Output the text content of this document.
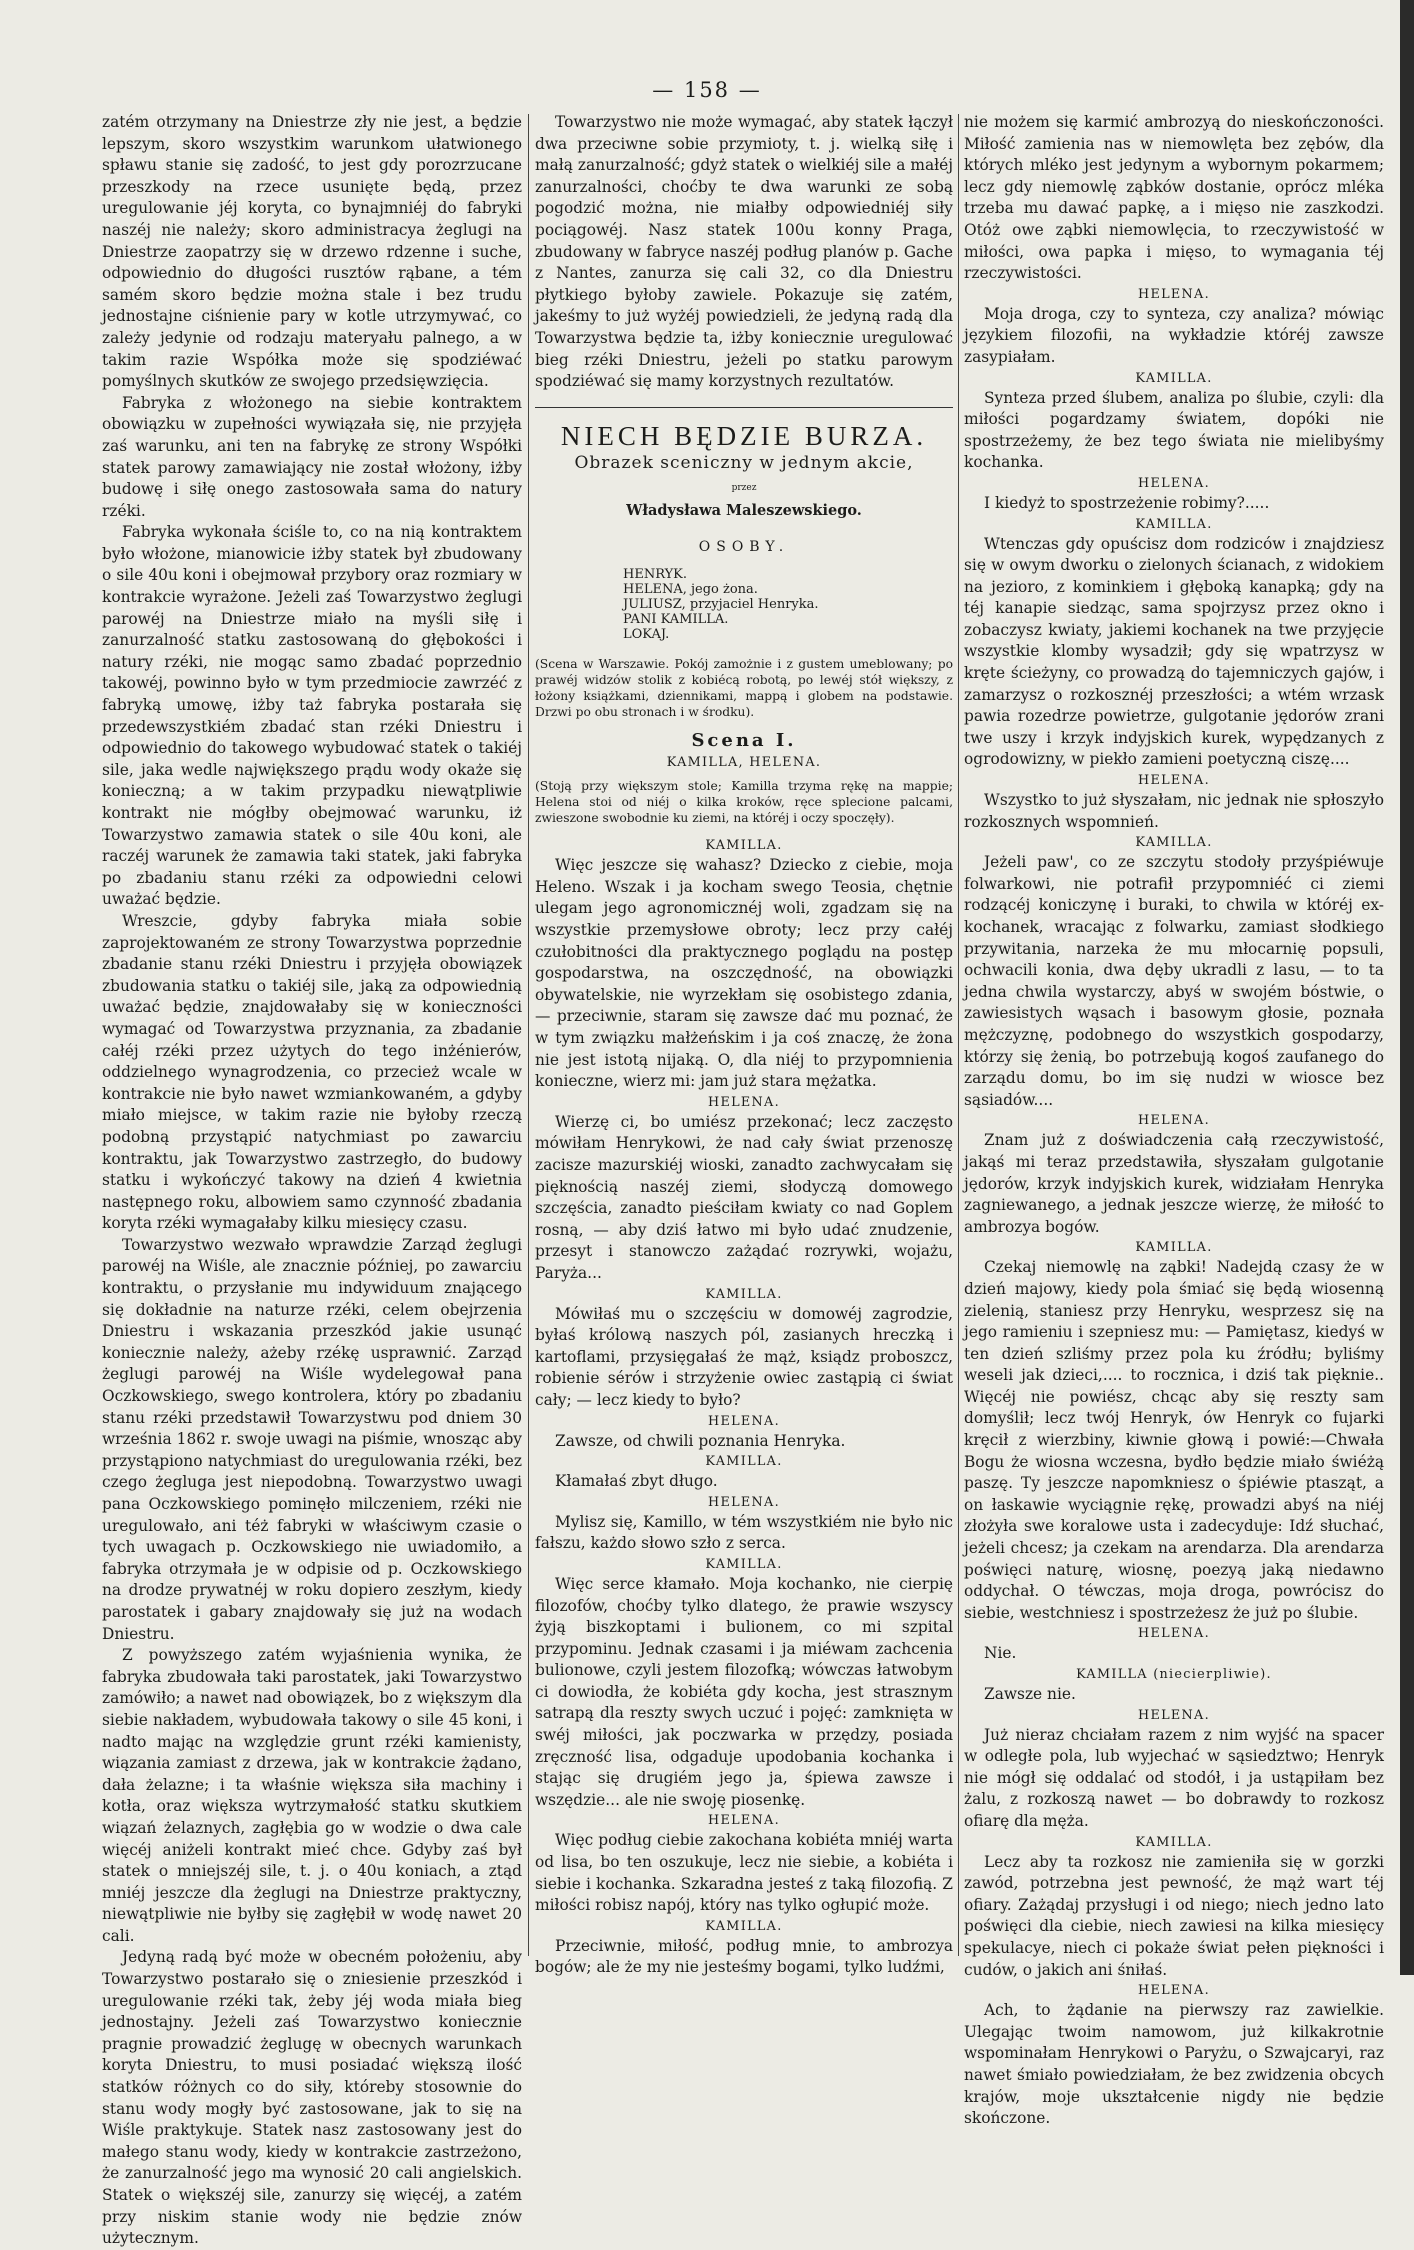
— 158 —

zatém otrzymany na Dniestrze zły nie jest, a będzie lepszym, skoro wszystkim warunkom ułatwionego spławu stanie się zadość, to jest gdy porozrzucane przeszkody na rzece usunięte będą, przez uregulowanie jéj koryta, co bynajmniéj do fabryki naszéj nie należy; skoro administracya żeglugi na Dniestrze zaopatrzy się w drzewo rdzenne i suche, odpowiednio do długości rusztów rąbane, a tém samém skoro będzie można stale i bez trudu jednostajne ciśnienie pary w kotle utrzymywać, co zależy jedynie od rodzaju materyału palnego, a w takim razie Współka może się spodziéwać pomyślnych skutków ze swojego przedsięwzięcia.

Fabryka z włożonego na siebie kontraktem obowiązku w zupełności wywiązała się, nie przyjęła zaś warunku, ani ten na fabrykę ze strony Współki statek parowy zamawiający nie został włożony, iżby budowę i siłę onego zastosowała sama do natury rzéki.

Fabryka wykonała ściśle to, co na nią kontraktem było włożone, mianowicie iżby statek był zbudowany o sile 40u koni i obejmował przybory oraz rozmiary w kontrakcie wyrażone. Jeżeli zaś Towarzystwo żeglugi parowéj na Dniestrze miało na myśli siłę i zanurzalność statku zastosowaną do głębokości i natury rzéki, nie mogąc samo zbadać poprzednio takowéj, powinno było w tym przedmiocie zawrzéć z fabryką umowę, iżby taż fabryka postarała się przedewszystkiém zbadać stan rzéki Dniestru i odpowiednio do takowego wybudować statek o takiéj sile, jaka wedle największego prądu wody okaże się konieczną; a w takim przypadku niewątpliwie kontrakt nie mógłby obejmować warunku, iż Towarzystwo zamawia statek o sile 40u koni, ale raczéj warunek że zamawia taki statek, jaki fabryka po zbadaniu stanu rzéki za odpowiedni celowi uważać będzie.

Wreszcie, gdyby fabryka miała sobie zaprojektowaném ze strony Towarzystwa poprzednie zbadanie stanu rzéki Dniestru i przyjęła obowiązek zbudowania statku o takiéj sile, jaką za odpowiednią uważać będzie, znajdowałaby się w konieczności wymagać od Towarzystwa przyznania, za zbadanie całéj rzéki przez użytych do tego inżénierów, oddzielnego wynagrodzenia, co przecież wcale w kontrakcie nie było nawet wzmiankowaném, a gdyby miało miejsce, w takim razie nie byłoby rzeczą podobną przystąpić natychmiast po zawarciu kontraktu, jak Towarzystwo zastrzegło, do budowy statku i wykończyć takowy na dzień 4 kwietnia następnego roku, albowiem samo czynność zbadania koryta rzéki wymagałaby kilku miesięcy czasu.

Towarzystwo wezwało wprawdzie Zarząd żeglugi parowéj na Wiśle, ale znacznie później, po zawarciu kontraktu, o przysłanie mu indywiduum znającego się dokładnie na naturze rzéki, celem obejrzenia Dniestru i wskazania przeszkód jakie usunąć koniecznie należy, ażeby rzékę usprawnić. Zarząd żeglugi parowéj na Wiśle wydelegował pana Oczkowskiego, swego kontrolera, który po zbadaniu stanu rzéki przedstawił Towarzystwu pod dniem 30 września 1862 r. swoje uwagi na piśmie, wnosząc aby przystąpiono natychmiast do uregulowania rzéki, bez czego żegluga jest niepodobną. Towarzystwo uwagi pana Oczkowskiego pominęło milczeniem, rzéki nie uregulowało, ani téż fabryki w właściwym czasie o tych uwagach p. Oczkowskiego nie uwiadomiło, a fabryka otrzymała je w odpisie od p. Oczkowskiego na drodze prywatnéj w roku dopiero zeszłym, kiedy parostatek i gabary znajdowały się już na wodach Dniestru.

Z powyższego zatém wyjaśnienia wynika, że fabryka zbudowała taki parostatek, jaki Towarzystwo zamówiło; a nawet nad obowiązek, bo z większym dla siebie nakładem, wybudowała takowy o sile 45 koni, i nadto mając na względzie grunt rzéki kamienisty, wiązania zamiast z drzewa, jak w kontrakcie żądano, dała żelazne; i ta właśnie większa siła machiny i kotła, oraz większa wytrzymałość statku skutkiem wiązań żelaznych, zagłębia go w wodzie o dwa cale więcéj aniżeli kontrakt mieć chce. Gdyby zaś był statek o mniejszéj sile, t. j. o 40u koniach, a ztąd mniéj jeszcze dla żeglugi na Dniestrze praktyczny, niewątpliwie nie byłby się zagłębił w wodę nawet 20 cali.

Jedyną radą być może w obecném położeniu, aby Towarzystwo postarało się o zniesienie przeszkód i uregulowanie rzéki tak, żeby jéj woda miała bieg jednostajny. Jeżeli zaś Towarzystwo koniecznie pragnie prowadzić żeglugę w obecnych warunkach koryta Dniestru, to musi posiadać większą ilość statków różnych co do siły, któreby stosownie do stanu wody mogły być zastosowane, jak to się na Wiśle praktykuje. Statek nasz zastosowany jest do małego stanu wody, kiedy w kontrakcie zastrzeżono, że zanurzalność jego ma wynosić 20 cali angielskich. Statek o większéj sile, zanurzy się więcéj, a zatém przy niskim stanie wody nie będzie znów użytecznym.

Towarzystwo nie może wymagać, aby statek łączył dwa przeciwne sobie przymioty, t. j. wielką siłę i małą zanurzalność; gdyż statek o wielkiéj sile a małéj zanurzalności, choćby te dwa warunki ze sobą pogodzić można, nie miałby odpowiedniéj siły pociągowéj. Nasz statek 100u konny Praga, zbudowany w fabryce naszéj podług planów p. Gache z Nantes, zanurza się cali 32, co dla Dniestru płytkiego byłoby zawiele. Pokazuje się zatém, jakeśmy to już wyżéj powiedzieli, że jedyną radą dla Towarzystwa będzie ta, iżby koniecznie uregulować bieg rzéki Dniestru, jeżeli po statku parowym spodziéwać się mamy korzystnych rezultatów.

NIECH BĘDZIE BURZA.
Obrazek sceniczny w jednym akcie,
przez
Władysława Maleszewskiego.
OSOBY.
HENRYK.
HELENA, jego żona.
JULIUSZ, przyjaciel Henryka.
PANI KAMILLA.
LOKAJ.
(Scena w Warszawie. Pokój zamożnie i z gustem umeblowany; po prawéj widzów stolik z kobiécą robotą, po lewéj stół większy, z łożony książkami, dziennikami, mappą i globem na podstawie. Drzwi po obu stronach i w środku).
Scena I.
KAMILLA, HELENA.
(Stoją przy większym stole; Kamilla trzyma rękę na mappie; Helena stoi od niéj o kilka kroków, ręce splecione palcami, zwieszone swobodnie ku ziemi, na któréj i oczy spoczęły).
KAMILLA.

Więc jeszcze się wahasz? Dziecko z ciebie, moja Heleno. Wszak i ja kocham swego Teosia, chętnie ulegam jego agronomicznéj woli, zgadzam się na wszystkie przemysłowe obroty; lecz przy całéj czułobitności dla praktycznego poglądu na postęp gospodarstwa, na oszczędność, na obowiązki obywatelskie, nie wyrzekłam się osobistego zdania, — przeciwnie, staram się zawsze dać mu poznać, że w tym związku małżeńskim i ja coś znaczę, że żona nie jest istotą nijaką. O, dla niéj to przypomnienia konieczne, wierz mi: jam już stara mężatka.

HELENA.

Wierzę ci, bo umiész przekonać; lecz zaczęsto mówiłam Henrykowi, że nad cały świat przenoszę zacisze mazurskiéj wioski, zanadto zachwycałam się pięknością naszéj ziemi, słodyczą domowego szczęścia, zanadto pieściłam kwiaty co nad Goplem rosną, — aby dziś łatwo mi było udać znudzenie, przesyt i stanowczo zażądać rozrywki, wojażu, Paryża...

KAMILLA.

Mówiłaś mu o szczęściu w domowéj zagrodzie, byłaś królową naszych pól, zasianych hreczką i kartoflami, przysięgałaś że mąż, ksiądz proboszcz, robienie sérów i strzyżenie owiec zastąpią ci świat cały; — lecz kiedy to było?

HELENA.

Zawsze, od chwili poznania Henryka.

KAMILLA.

Kłamałaś zbyt długo.

HELENA.

Mylisz się, Kamillo, w tém wszystkiém nie było nic fałszu, każdo słowo szło z serca.

KAMILLA.

Więc serce kłamało. Moja kochanko, nie cierpię filozofów, choćby tylko dlatego, że prawie wszyscy żyją biszkoptami i bulionem, co mi szpital przypominu. Jednak czasami i ja miéwam zachcenia bulionowe, czyli jestem filozofką; wówczas łatwobym ci dowiodła, że kobiéta gdy kocha, jest strasznym satrapą dla reszty swych uczuć i pojęć: zamknięta w swéj miłości, jak poczwarka w przędzy, posiada zręczność lisa, odgaduje upodobania kochanka i stając się drugiém jego ja, śpiewa zawsze i wszędzie... ale nie swoję piosenkę.

HELENA.

Więc podług ciebie zakochana kobiéta mniéj warta od lisa, bo ten oszukuje, lecz nie siebie, a kobiéta i siebie i kochanka. Szkaradna jesteś z taką filozofią. Z miłości robisz napój, który nas tylko ogłupić może.

KAMILLA.

Przeciwnie, miłość, podług mnie, to ambrozya bogów; ale że my nie jesteśmy bogami, tylko ludźmi,

nie możem się karmić ambrozyą do nieskończoności. Miłość zamienia nas w niemowlęta bez zębów, dla których mléko jest jedynym a wybornym pokarmem; lecz gdy niemowlę ząbków dostanie, oprócz mléka trzeba mu dawać papkę, a i mięso nie zaszkodzi. Otóż owe ząbki niemowlęcia, to rzeczywistość w miłości, owa papka i mięso, to wymagania téj rzeczywistości.

HELENA.

Moja droga, czy to synteza, czy analiza? mówiąc językiem filozofii, na wykładzie któréj zawsze zasypiałam.

KAMILLA.

Synteza przed ślubem, analiza po ślubie, czyli: dla miłości pogardzamy światem, dopóki nie spostrzeżemy, że bez tego świata nie mielibyśmy kochanka.

HELENA.

I kiedyż to spostrzeżenie robimy?.....

KAMILLA.

Wtenczas gdy opuścisz dom rodziców i znajdziesz się w owym dworku o zielonych ścianach, z widokiem na jezioro, z kominkiem i głęboką kanapką; gdy na téj kanapie siedząc, sama spojrzysz przez okno i zobaczysz kwiaty, jakiemi kochanek na twe przyjęcie wszystkie klomby wysadził; gdy się wpatrzysz w kręte ścieżyny, co prowadzą do tajemniczych gajów, i zamarzysz o rozkosznéj przeszłości; a wtém wrzask pawia rozedrze powietrze, gulgotanie jędorów zrani twe uszy i krzyk indyjskich kurek, wypędzanych z ogrodowizny, w piekło zamieni poetyczną ciszę....

HELENA.

Wszystko to już słyszałam, nic jednak nie spłoszyło rozkosznych wspomnień.

KAMILLA.

Jeżeli paw', co ze szczytu stodoły przyśpiéwuje folwarkowi, nie potrafił przypomniéć ci ziemi rodzącéj koniczynę i buraki, to chwila w któréj ex-kochanek, wracając z folwarku, zamiast słodkiego przywitania, narzeka że mu młocarnię popsuli, ochwacili konia, dwa dęby ukradli z lasu, — to ta jedna chwila wystarczy, abyś w swojém bóstwie, o zawiesistych wąsach i basowym głosie, poznała mężczyznę, podobnego do wszystkich gospodarzy, którzy się żenią, bo potrzebują kogoś zaufanego do zarządu domu, bo im się nudzi w wiosce bez sąsiadów....

HELENA.

Znam już z doświadczenia całą rzeczywistość, jakąś mi teraz przedstawiła, słyszałam gulgotanie jędorów, krzyk indyjskich kurek, widziałam Henryka zagniewanego, a jednak jeszcze wierzę, że miłość to ambrozya bogów.

KAMILLA.

Czekaj niemowlę na ząbki! Nadejdą czasy że w dzień majowy, kiedy pola śmiać się będą wiosenną zielenią, staniesz przy Henryku, wesprzesz się na jego ramieniu i szepniesz mu: — Pamiętasz, kiedyś w ten dzień szliśmy przez pola ku źródłu; byliśmy weseli jak dzieci,.... to rocznica, i dziś tak pięknie.. Więcéj nie powiész, chcąc aby się reszty sam domyślił; lecz twój Henryk, ów Henryk co fujarki kręcił z wierzbiny, kiwnie głową i powié:—Chwała Bogu że wiosna wczesna, bydło będzie miało świéżą paszę. Ty jeszcze napomkniesz o śpiéwie ptasząt, a on łaskawie wyciągnie rękę, prowadzi abyś na niéj złożyła swe koralowe usta i zadecyduje: Idź słuchać, jeżeli chcesz; ja czekam na arendarza. Dla arendarza poświęci naturę, wiosnę, poezyą jaką niedawno oddychał. O téwczas, moja droga, powrócisz do siebie, westchniesz i spostrzeżesz że już po ślubie.

HELENA.

Nie.

KAMILLA (niecierpliwie).

Zawsze nie.

HELENA.

Już nieraz chciałam razem z nim wyjść na spacer w odległe pola, lub wyjechać w sąsiedztwo; Henryk nie mógł się oddalać od stodół, i ja ustąpiłam bez żalu, z rozkoszą nawet — bo dobrawdy to rozkosz ofiarę dla męża.

KAMILLA.

Lecz aby ta rozkosz nie zamieniła się w gorzki zawód, potrzebna jest pewność, że mąż wart téj ofiary. Zażądaj przysługi i od niego; niech jedno lato poświęci dla ciebie, niech zawiesi na kilka miesięcy spekulacye, niech ci pokaże świat pełen piękności i cudów, o jakich ani śniłaś.

HELENA.

Ach, to żądanie na pierwszy raz zawielkie. Ulegając twoim namowom, już kilkakrotnie wspominałam Henrykowi o Paryżu, o Szwajcaryi, raz nawet śmiało powiedziałam, że bez zwidzenia obcych krajów, moje ukształcenie nigdy nie będzie skończone.
